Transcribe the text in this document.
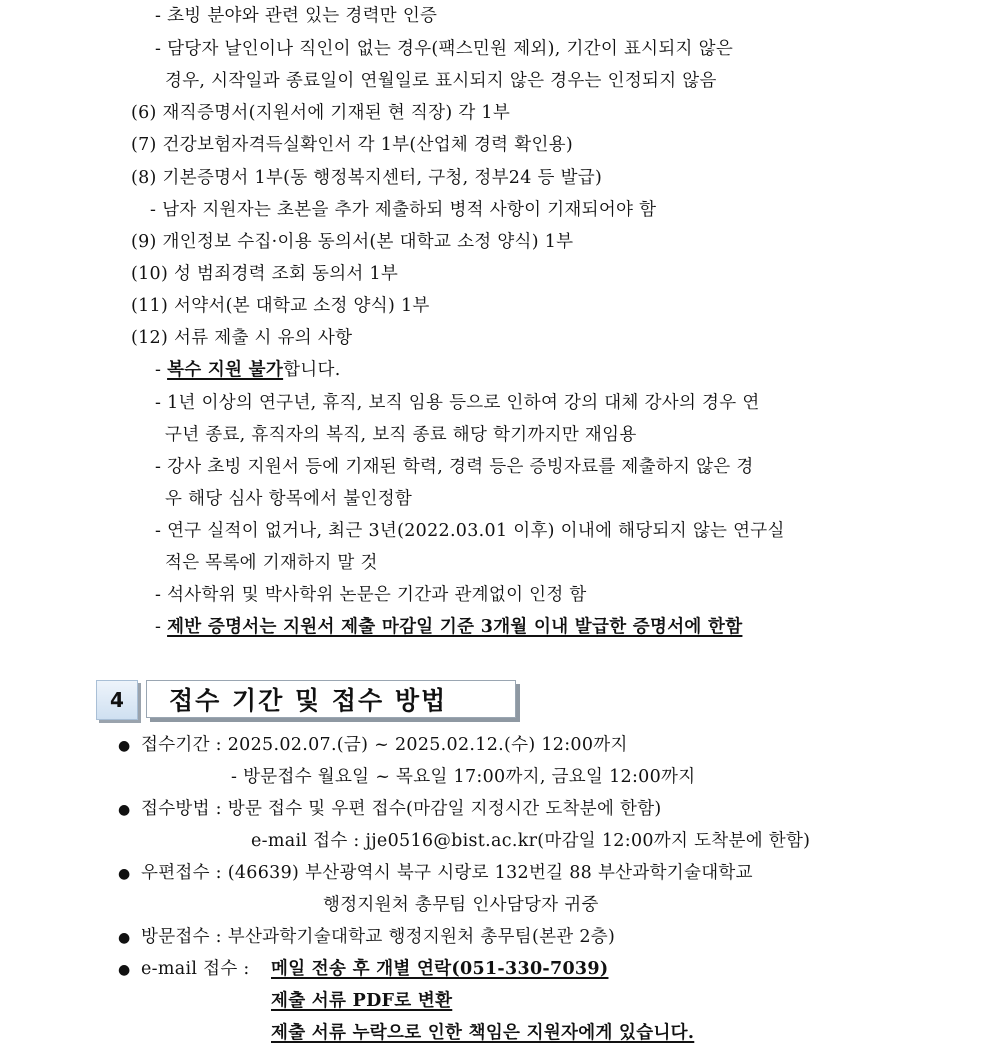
- 초빙 분야와 관련 있는 경력만 인증
- 담당자 날인이나 직인이 없는 경우(팩스민원 제외), 기간이 표시되지 않은
경우, 시작일과 종료일이 연월일로 표시되지 않은 경우는 인정되지 않음
(6) 재직증명서(지원서에 기재된 현 직장) 각 1부
(7) 건강보험자격득실확인서 각 1부(산업체 경력 확인용)
(8) 기본증명서 1부(동 행정복지센터, 구청, 정부24 등 발급)
- 남자 지원자는 초본을 추가 제출하되 병적 사항이 기재되어야 함
(9) 개인정보 수집·이용 동의서(본 대학교 소정 양식) 1부
(10) 성 범죄경력 조회 동의서 1부
(11) 서약서(본 대학교 소정 양식) 1부
(12) 서류 제출 시 유의 사항
- 복수 지원 불가합니다.
- 1년 이상의 연구년, 휴직, 보직 임용 등으로 인하여 강의 대체 강사의 경우 연
구년 종료, 휴직자의 복직, 보직 종료 해당 학기까지만 재임용
- 강사 초빙 지원서 등에 기재된 학력, 경력 등은 증빙자료를 제출하지 않은 경
우 해당 심사 항목에서 불인정함
- 연구 실적이 없거나, 최근 3년(2022.03.01 이후) 이내에 해당되지 않는 연구실
적은 목록에 기재하지 말 것
- 석사학위 및 박사학위 논문은 기간과 관계없이 인정 함
- 제반 증명서는 지원서 제출 마감일 기준 3개월 이내 발급한 증명서에 한함
4	접수 기간 및 접수 방법
● 접수기간 : 2025.02.07.(금) ~ 2025.02.12.(수) 12:00까지
- 방문접수 월요일 ~ 목요일 17:00까지, 금요일 12:00까지
● 접수방법 : 방문 접수 및 우편 접수(마감일 지정시간 도착분에 한함)
e-mail 접수 : jje0516@bist.ac.kr(마감일 12:00까지 도착분에 한함)
● 우편접수 : (46639) 부산광역시 북구 시랑로 132번길 88 부산과학기술대학교
행정지원처 총무팀 인사담당자 귀중
● 방문접수 : 부산과학기술대학교 행정지원처 총무팀(본관 2층)
● e-mail 접수 : 메일 전송 후 개별 연락(051-330-7039)
제출 서류 PDF로 변환
제출 서류 누락으로 인한 책임은 지원자에게 있습니다.
